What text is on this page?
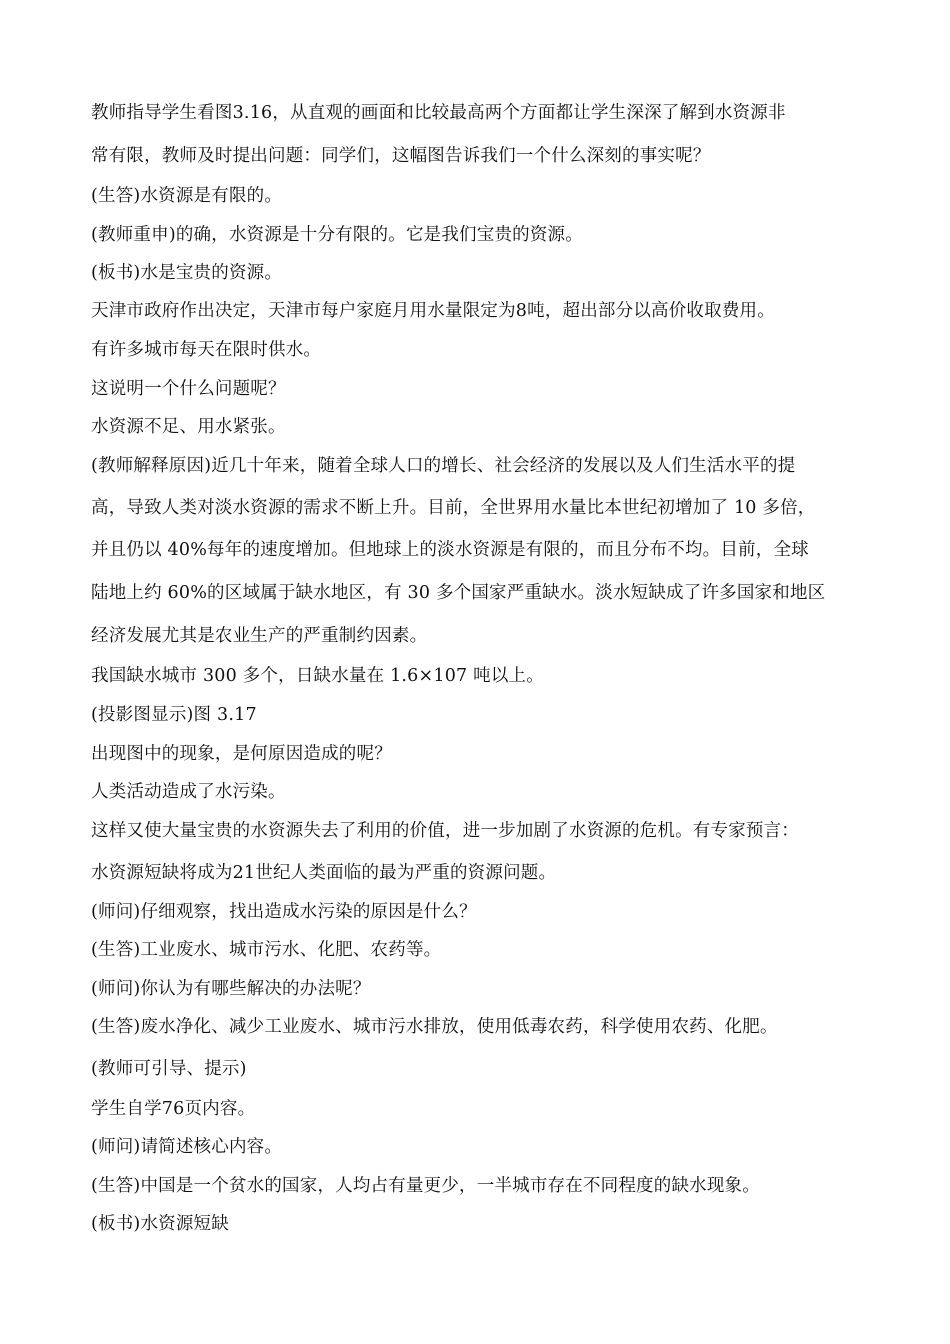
教师指导学生看图3.16，从直观的画面和比较最高两个方面都让学生深深了解到水资源非
常有限，教师及时提出问题：同学们，这幅图告诉我们一个什么深刻的事实呢？
(生答)水资源是有限的。
(教师重申)的确，水资源是十分有限的。它是我们宝贵的资源。
(板书)水是宝贵的资源。
天津市政府作出决定，天津市每户家庭月用水量限定为8吨，超出部分以高价收取费用。
有许多城市每天在限时供水。
这说明一个什么问题呢？
水资源不足、用水紧张。
(教师解释原因)近几十年来，随着全球人口的增长、社会经济的发展以及人们生活水平的提
高，导致人类对淡水资源的需求不断上升。目前，全世界用水量比本世纪初增加了 10 多倍，
并且仍以 40%每年的速度增加。但地球上的淡水资源是有限的，而且分布不均。目前，全球
陆地上约 60%的区域属于缺水地区，有 30 多个国家严重缺水。淡水短缺成了许多国家和地区
经济发展尤其是农业生产的严重制约因素。
我国缺水城市 300 多个，日缺水量在 1.6×107 吨以上。
(投影图显示)图 3.17
出现图中的现象，是何原因造成的呢？
人类活动造成了水污染。
这样又使大量宝贵的水资源失去了利用的价值，进一步加剧了水资源的危机。有专家预言：
水资源短缺将成为21世纪人类面临的最为严重的资源问题。
(师问)仔细观察，找出造成水污染的原因是什么？
(生答)工业废水、城市污水、化肥、农药等。
(师问)你认为有哪些解决的办法呢？
(生答)废水净化、减少工业废水、城市污水排放，使用低毒农药，科学使用农药、化肥。
(教师可引导、提示)
学生自学76页内容。
(师问)请简述核心内容。
(生答)中国是一个贫水的国家，人均占有量更少，一半城市存在不同程度的缺水现象。
(板书)水资源短缺
